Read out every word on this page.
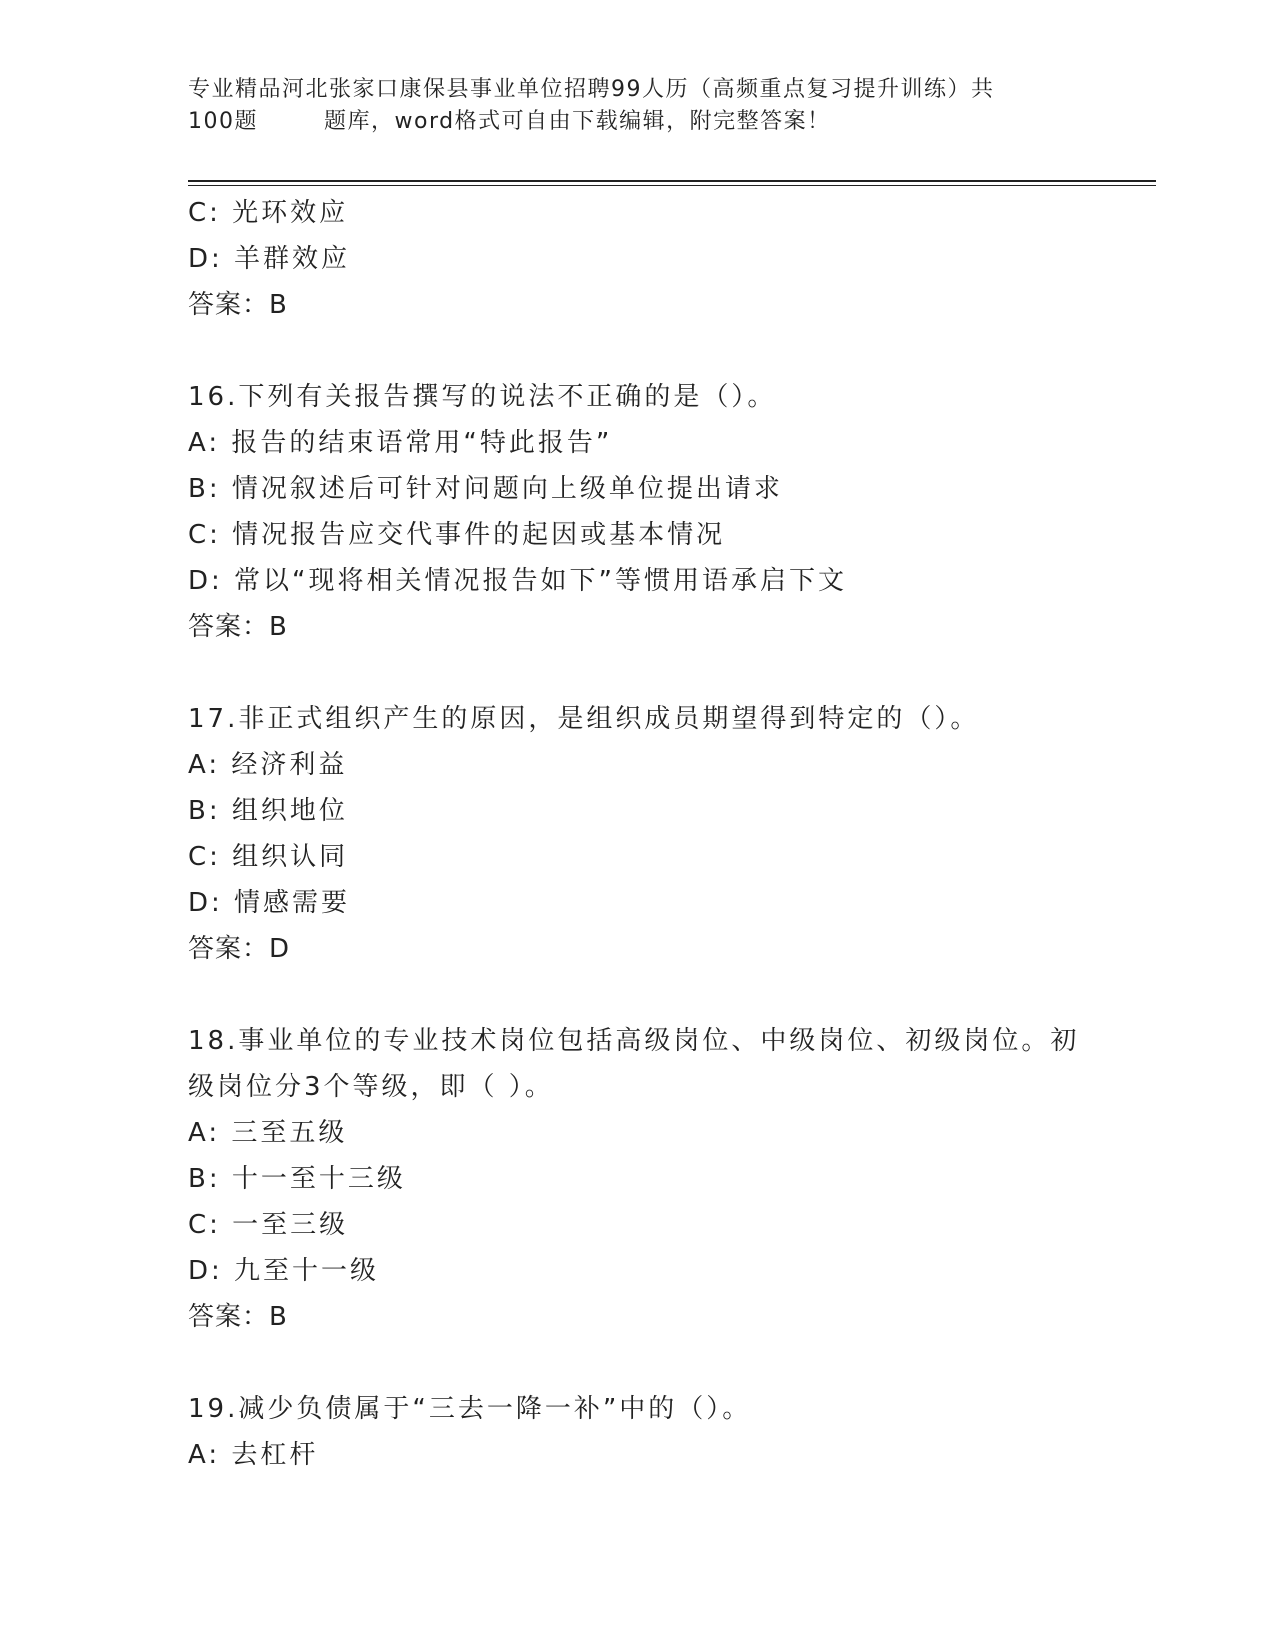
专业精品河北张家口康保县事业单位招聘99人历（高频重点复习提升训练）共
100题	题库，word格式可自由下载编辑，附完整答案！
C: 光环效应
D: 羊群效应
答案：B
16.下列有关报告撰写的说法不正确的是（）。
A: 报告的结束语常用“特此报告”
B: 情况叙述后可针对问题向上级单位提出请求
C: 情况报告应交代事件的起因或基本情况
D: 常以“现将相关情况报告如下”等惯用语承启下文
答案：B
17.非正式组织产生的原因，是组织成员期望得到特定的（）。
A: 经济利益
B: 组织地位
C: 组织认同
D: 情感需要
答案：D
18.事业单位的专业技术岗位包括高级岗位、中级岗位、初级岗位。初
级岗位分3个等级，即（ ）。
A: 三至五级
B: 十一至十三级
C: 一至三级
D: 九至十一级
答案：B
19.减少负债属于“三去一降一补”中的（）。
A: 去杠杆
